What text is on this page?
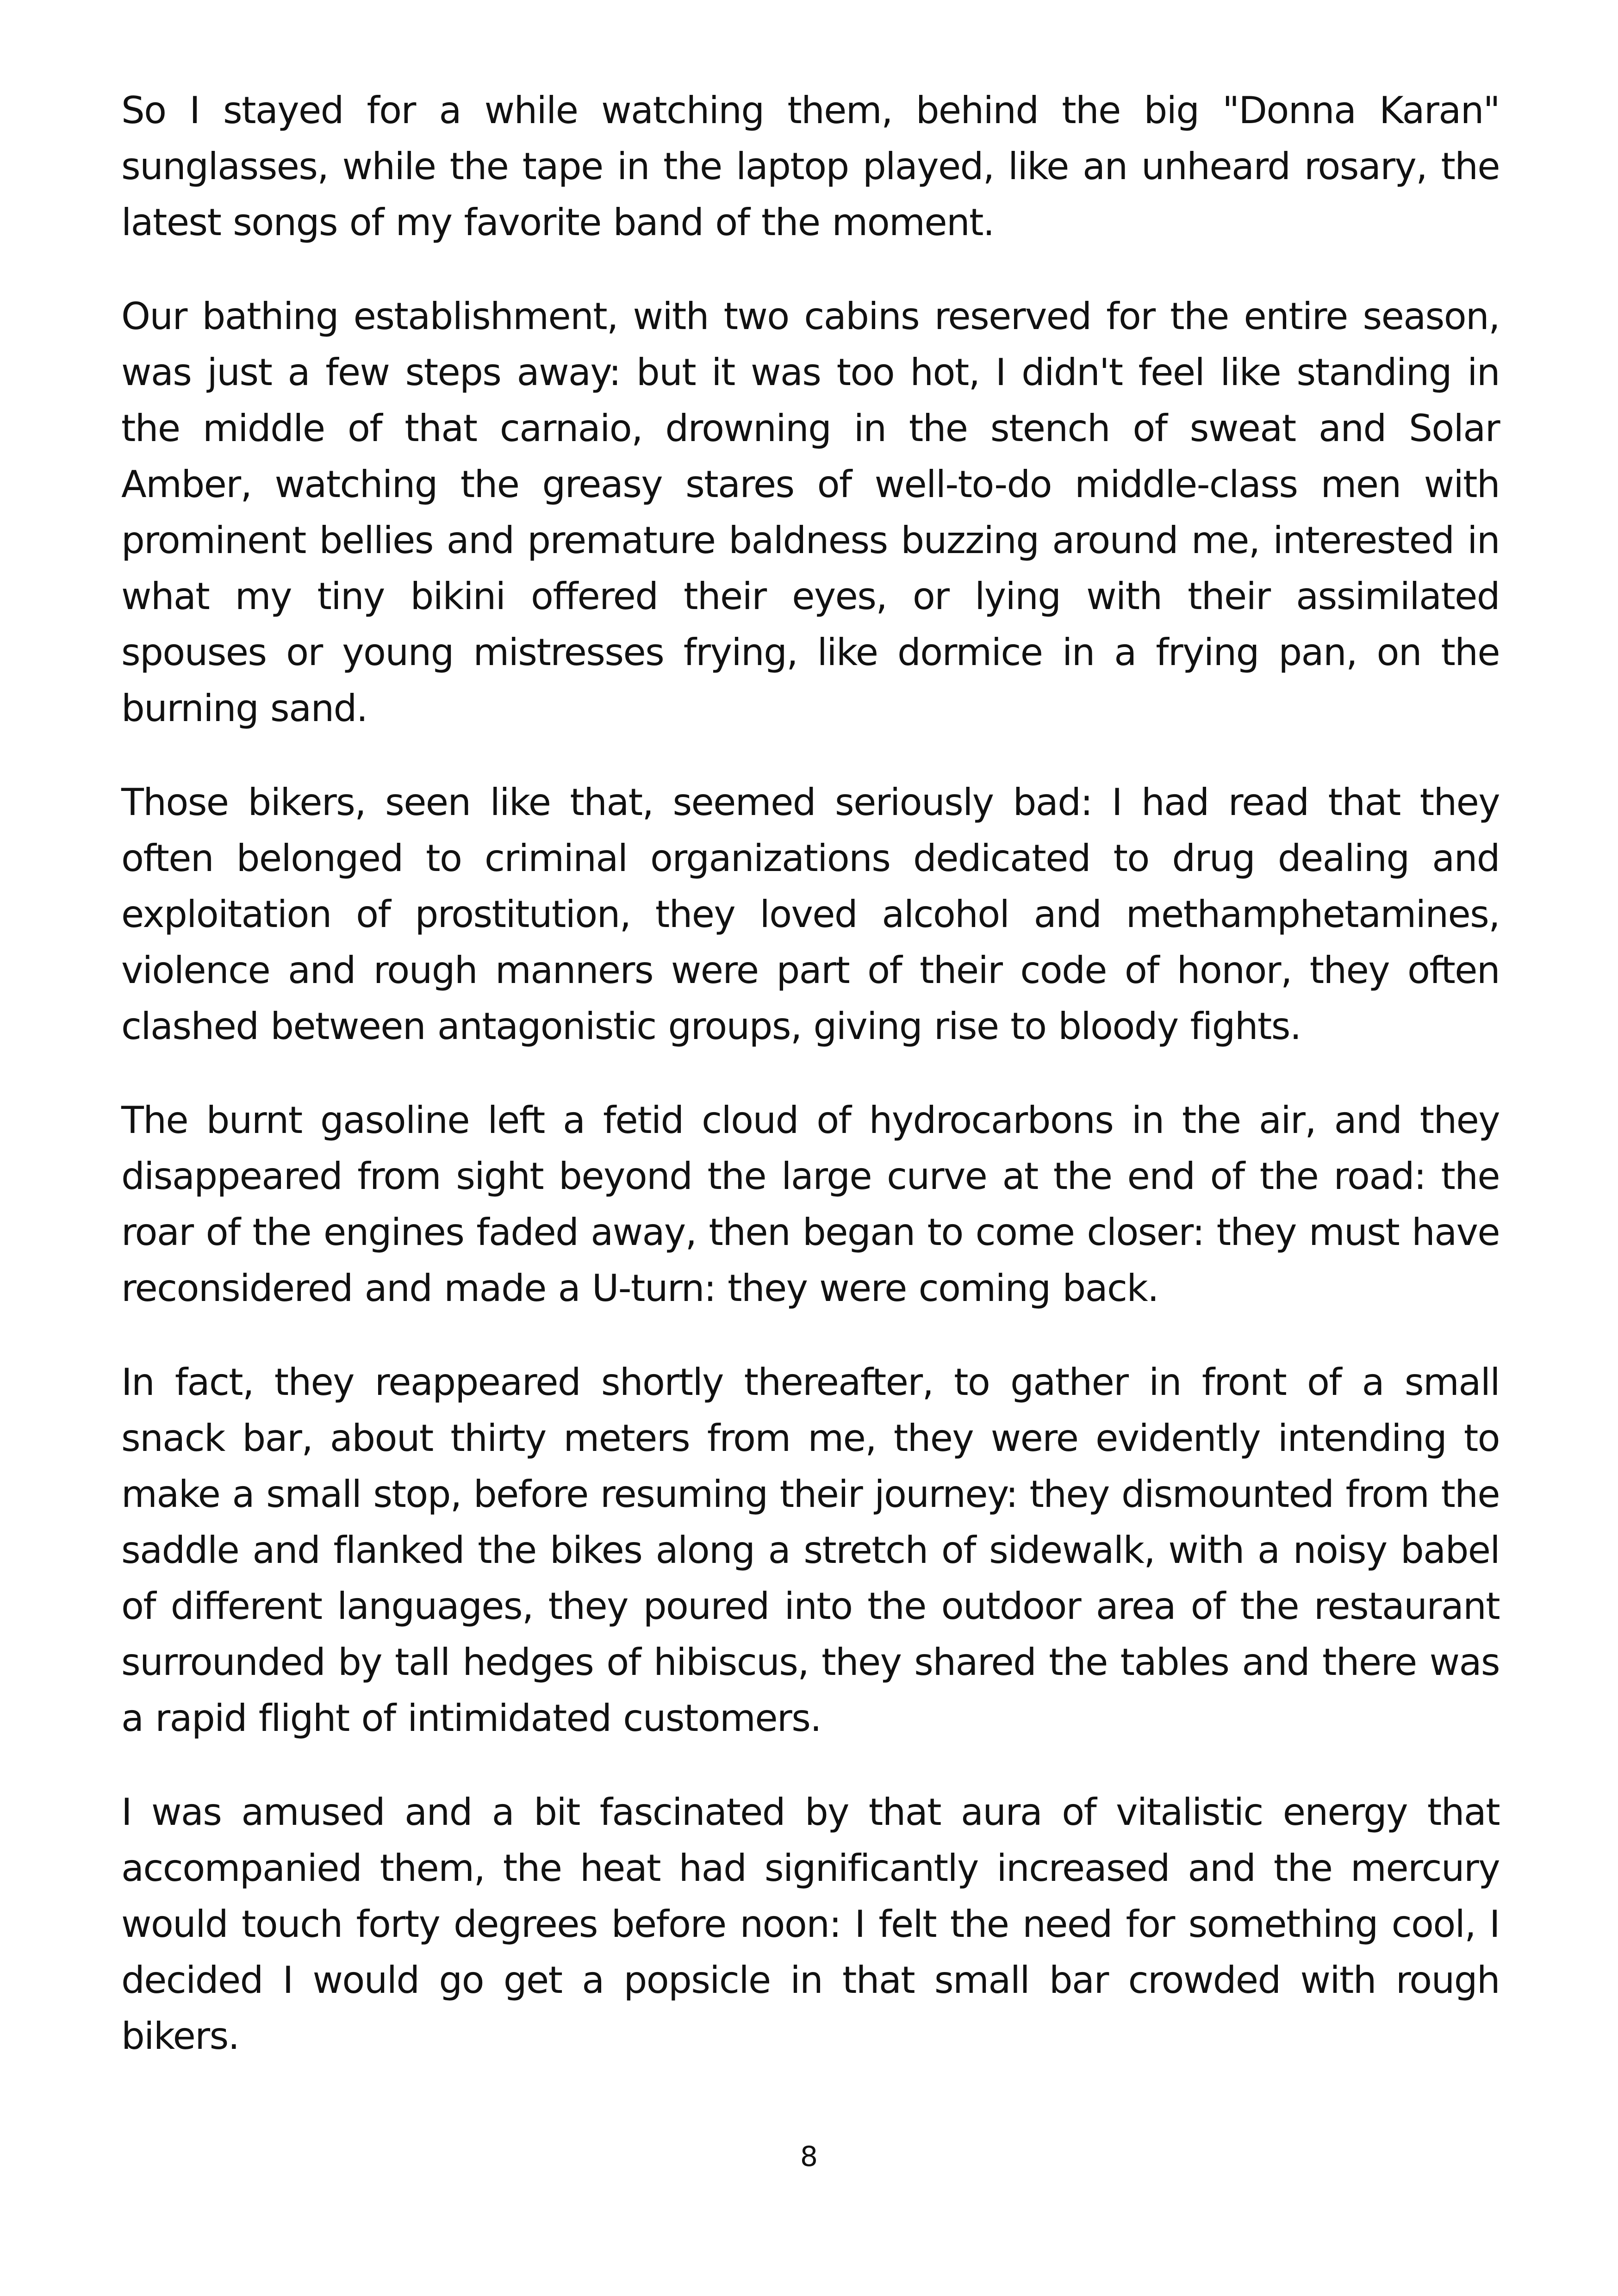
So I stayed for a while watching them, behind the big "Donna Karan" sunglasses, while the tape in the laptop played, like an unheard rosary, the latest songs of my favorite band of the moment.

Our bathing establishment, with two cabins reserved for the entire season, was just a few steps away: but it was too hot, I didn't feel like standing in the middle of that carnaio, drowning in the stench of sweat and Solar Amber, watching the greasy stares of well-to-do middle-class men with prominent bellies and premature baldness buzzing around me, interested in what my tiny bikini offered their eyes, or lying with their assimilated spouses or young mistresses frying, like dormice in a frying pan, on the burning sand.

Those bikers, seen like that, seemed seriously bad: I had read that they often belonged to criminal organizations dedicated to drug dealing and exploitation of prostitution, they loved alcohol and methamphetamines, violence and rough manners were part of their code of honor, they often clashed between antagonistic groups, giving rise to bloody fights.

The burnt gasoline left a fetid cloud of hydrocarbons in the air, and they disappeared from sight beyond the large curve at the end of the road: the roar of the engines faded away, then began to come closer: they must have reconsidered and made a U-turn: they were coming back.

In fact, they reappeared shortly thereafter, to gather in front of a small snack bar, about thirty meters from me, they were evidently intending to make a small stop, before resuming their journey: they dismounted from the saddle and flanked the bikes along a stretch of sidewalk, with a noisy babel of different languages, they poured into the outdoor area of the restaurant surrounded by tall hedges of hibiscus, they shared the tables and there was a rapid flight of intimidated customers.

I was amused and a bit fascinated by that aura of vitalistic energy that accompanied them, the heat had significantly increased and the mercury would touch forty degrees before noon: I felt the need for something cool, I decided I would go get a popsicle in that small bar crowded with rough bikers.

8
